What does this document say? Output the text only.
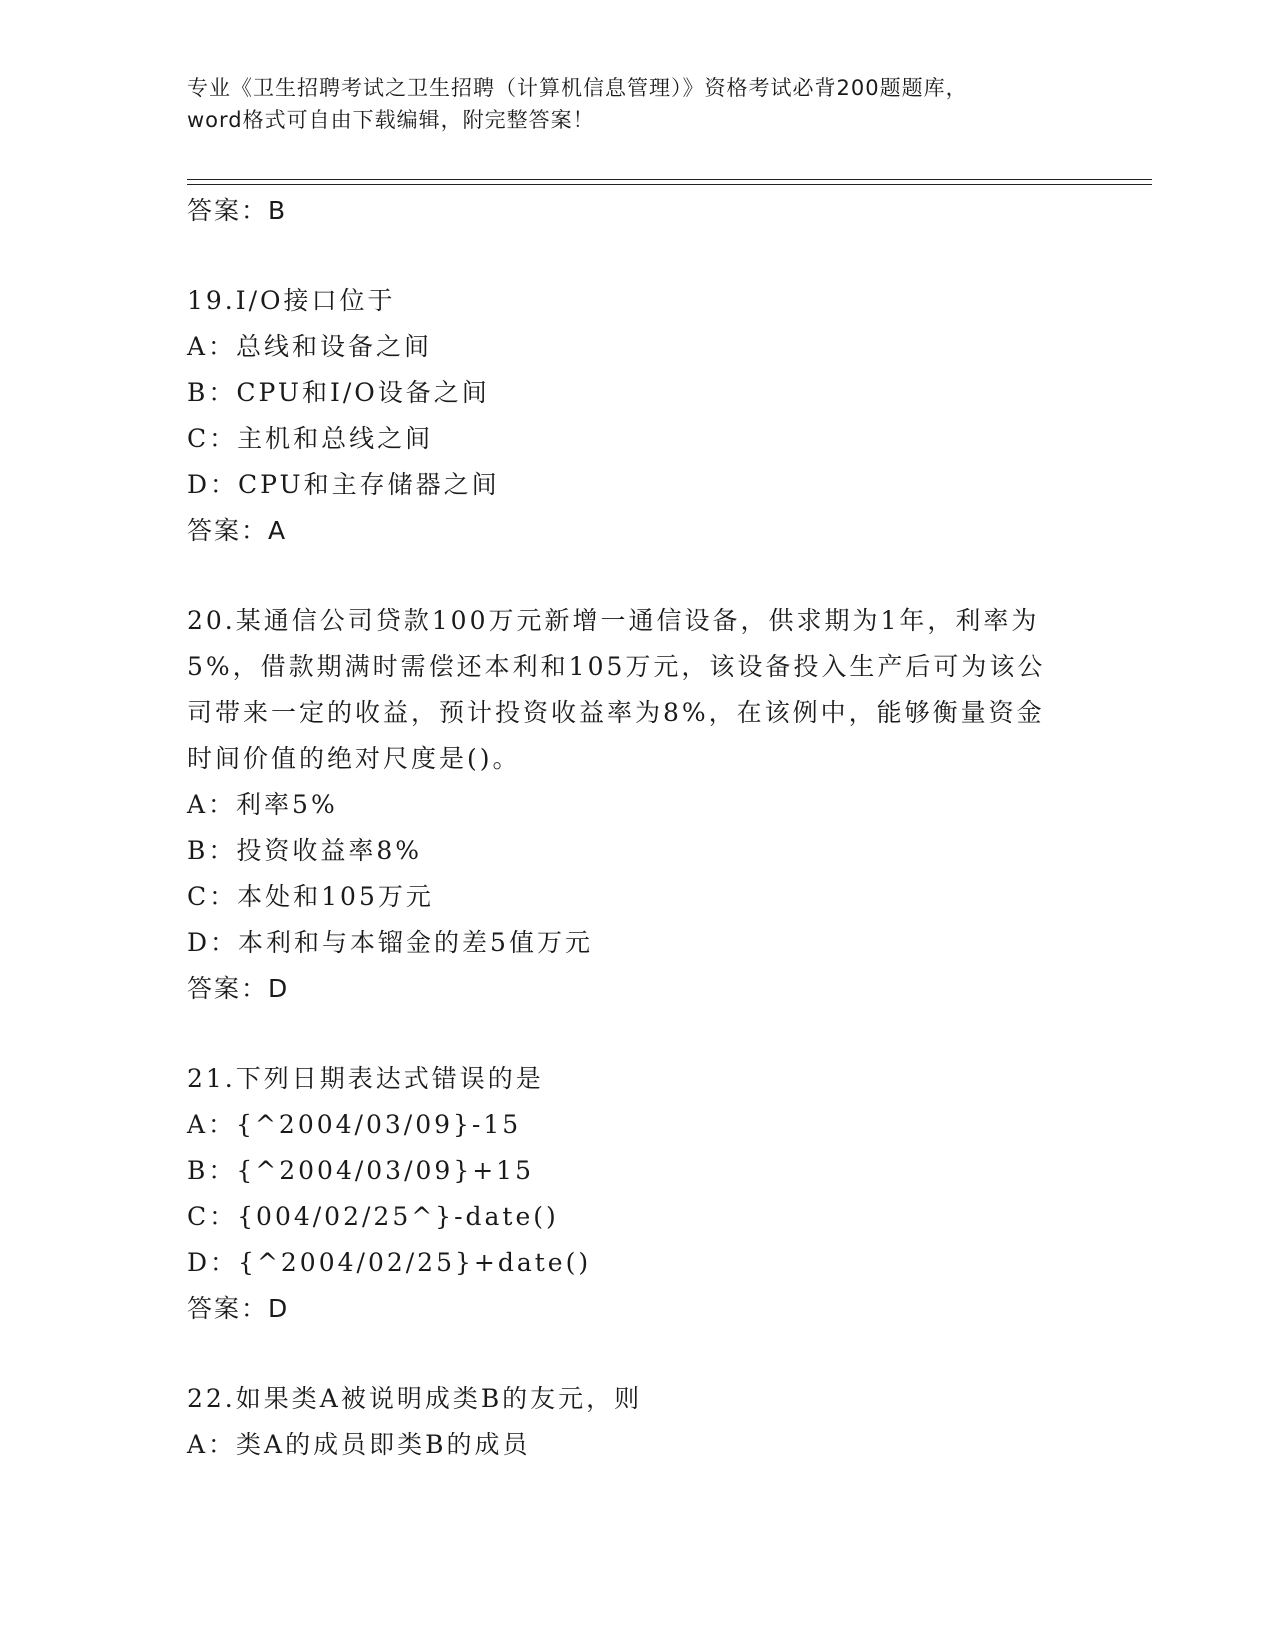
专业《卫生招聘考试之卫生招聘（计算机信息管理）》资格考试必背200题题库，
word格式可自由下载编辑，附完整答案！
答案：B
19.I/O接口位于
A：总线和设备之间
B：CPU和I/O设备之间
C：主机和总线之间
D：CPU和主存储器之间
答案：A
20.某通信公司贷款100万元新增一通信设备，供求期为1年，利率为
5%，借款期满时需偿还本利和105万元，该设备投入生产后可为该公
司带来一定的收益，预计投资收益率为8%，在该例中，能够衡量资金
时间价值的绝对尺度是()。
A：利率5%
B：投资收益率8%
C：本处和105万元
D：本利和与本镏金的差5值万元
答案：D
21.下列日期表达式错误的是
A：{^2004/03/09}-15
B：{^2004/03/09}+15
C：{004/02/25^}-date()
D：{^2004/02/25}+date()
答案：D
22.如果类A被说明成类B的友元，则
A：类A的成员即类B的成员
